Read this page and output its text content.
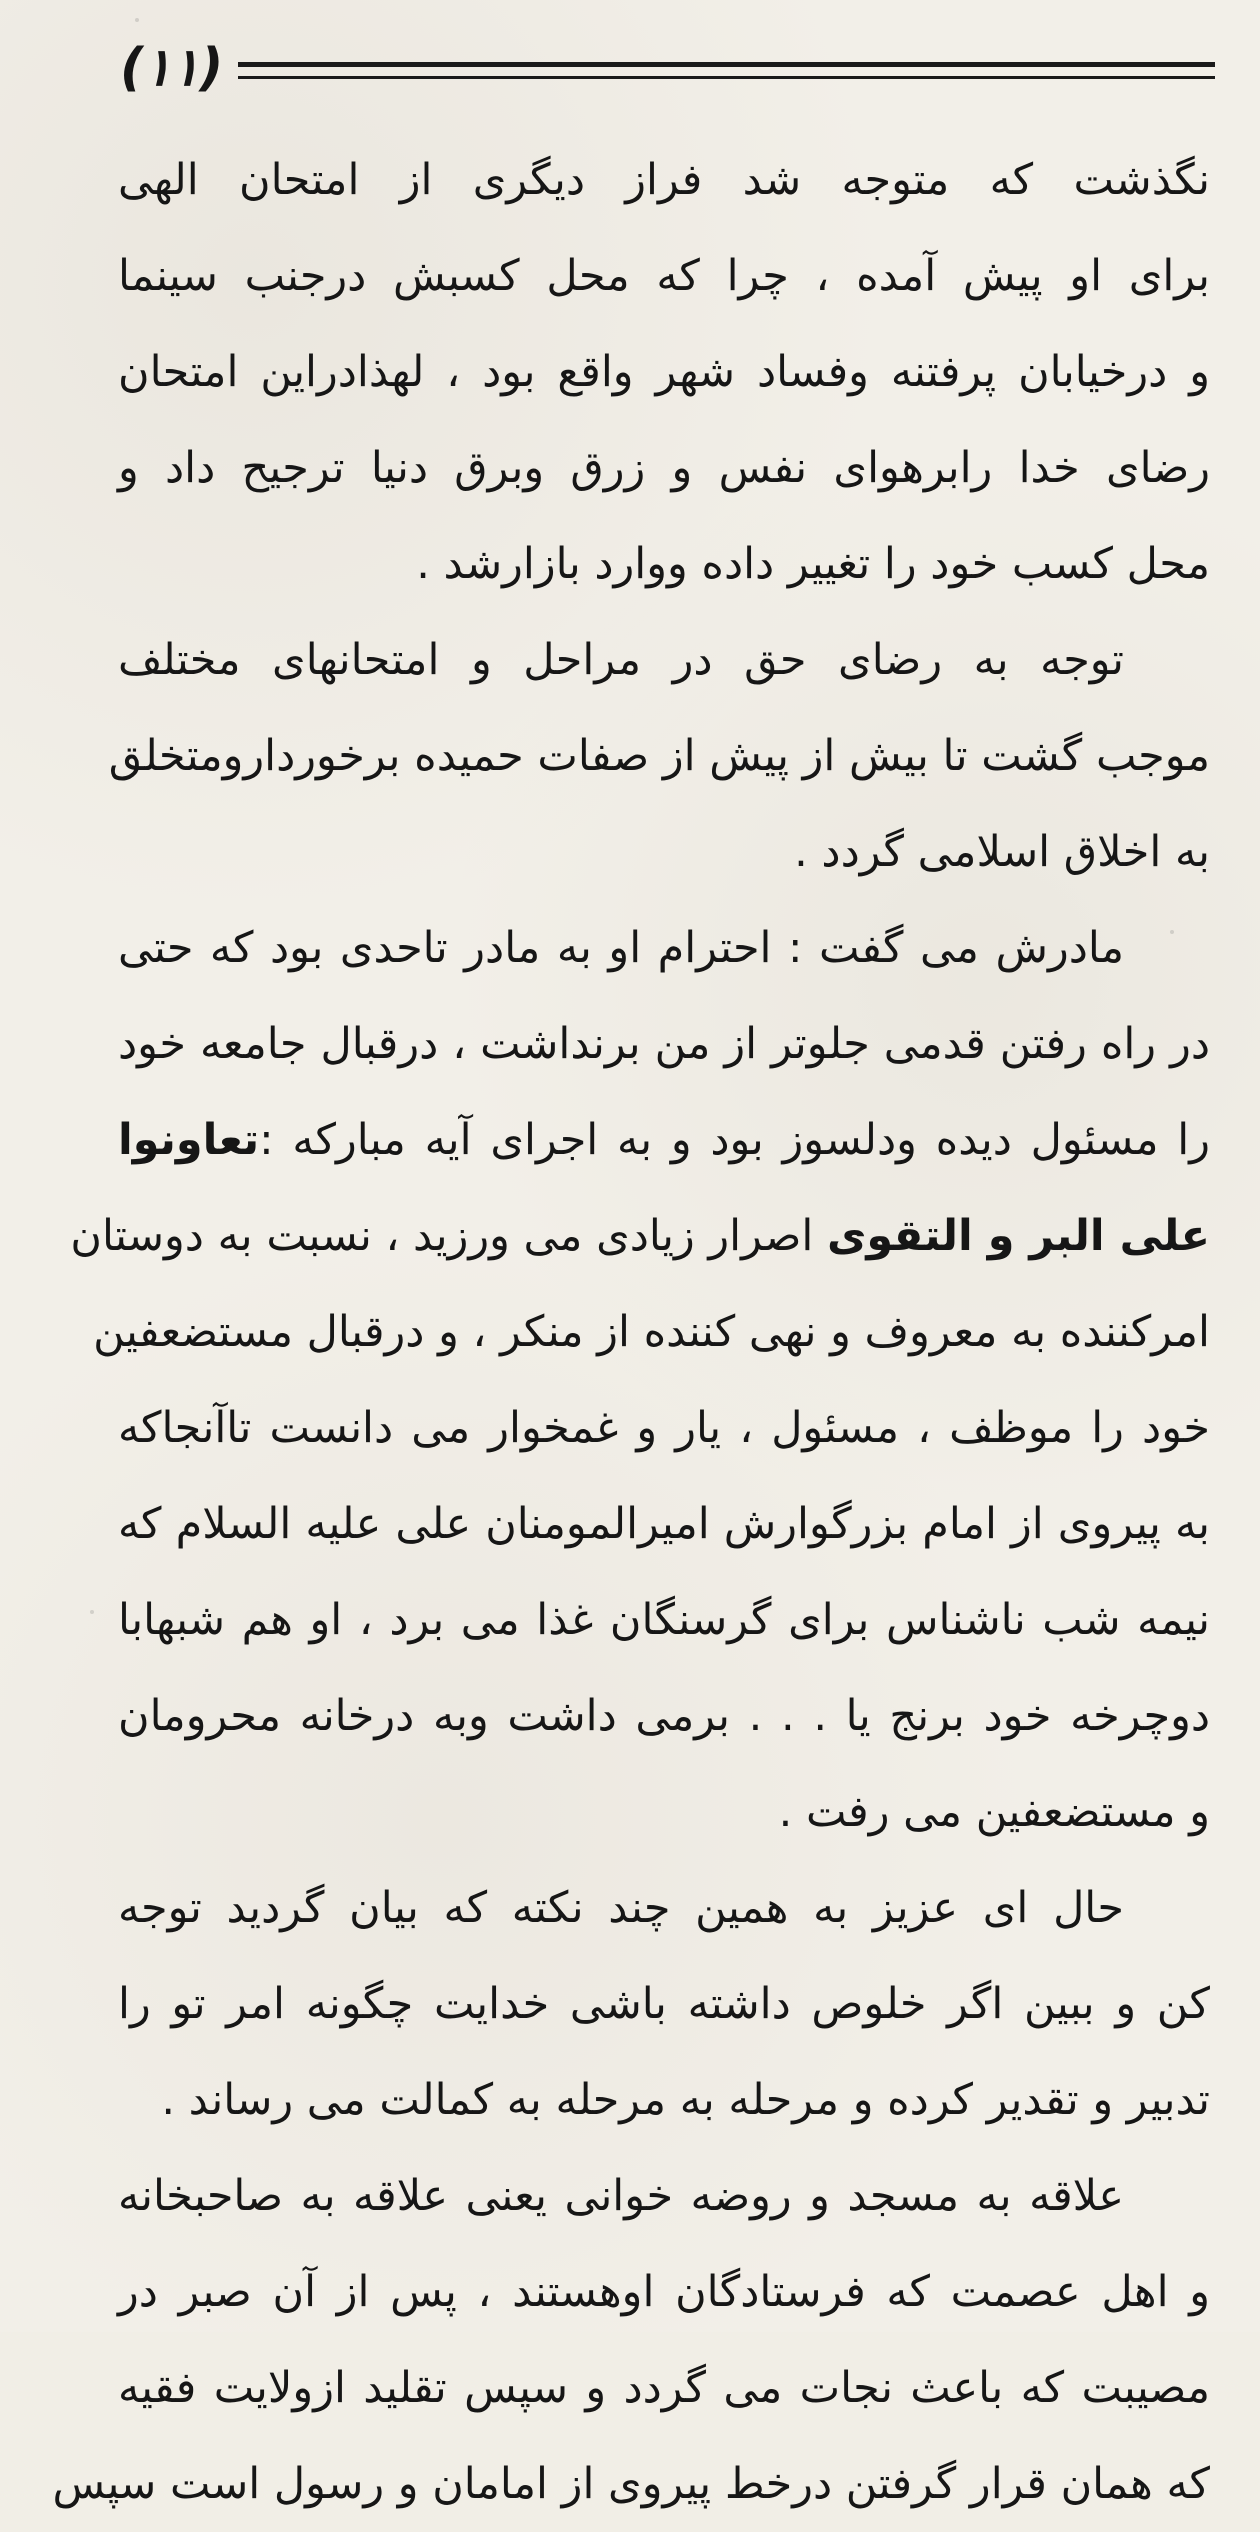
(۱۱)
نگذشت که متوجه شد فراز دیگری از امتحان الهی
برای او پیش آمده ، چرا که محل کسبش درجنب سینما
و درخیابان پرفتنه وفساد شهر واقع بود ، لهذادراین امتحان
رضای خدا رابرهوای نفس و زرق وبرق دنیا ترجیح داد و
محل کسب خود را تغییر داده ووارد بازارشد .
توجه به رضای حق در مراحل و امتحانهای مختلف
موجب گشت تا بیش از پیش از صفات حمیده برخوردارومتخلق
به اخلاق اسلامی گردد .
مادرش می گفت : احترام او به مادر تاحدی بود که حتی
در راه رفتن قدمی جلوتر از من برنداشت ، درقبال جامعه خود
را مسئول دیده ودلسوز بود و به اجرای آیه مبارکه :تعاونوا
علی البر و التقوی اصرار زیادی می ورزید ، نسبت به دوستان
امرکننده به معروف و نهی کننده از منکر ، و درقبال مستضعفین
خود را موظف ، مسئول ، یار و غمخوار می دانست تاآنجاکه
به پیروی از امام بزرگوارش امیرالمومنان علی علیه السلام که
نیمه شب ناشناس برای گرسنگان غذا می برد ، او هم شبهابا
دوچرخه خود برنج یا . . . برمی داشت وبه درخانه محرومان
و مستضعفین می رفت .
حال ای عزیز به همین چند نکته که بیان گردید توجه
کن و ببین اگر خلوص داشته باشی خدایت چگونه امر تو را
تدبیر و تقدیر کرده و مرحله به مرحله به کمالت می رساند .
علاقه به مسجد و روضه خوانی یعنی علاقه به صاحبخانه
و اهل عصمت که فرستادگان اوهستند ، پس از آن صبر در
مصیبت که باعث نجات می گردد و سپس تقلید ازولایت فقیه
که همان قرار گرفتن درخط پیروی از امامان و رسول است سپس
